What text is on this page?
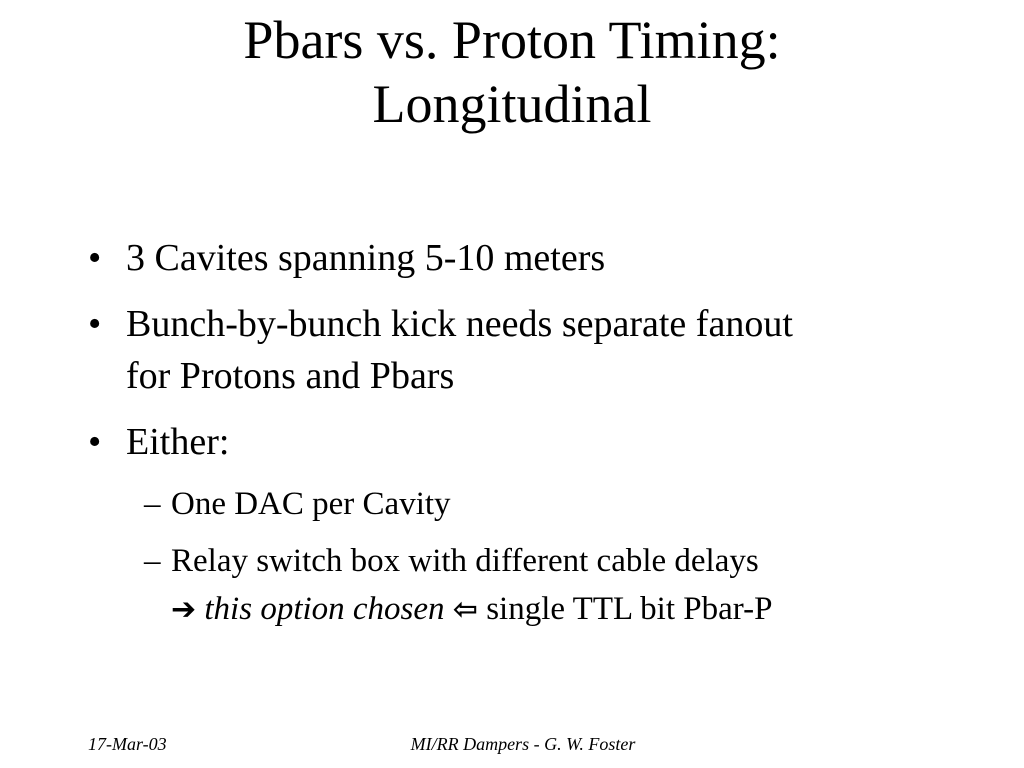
Pbars vs. Proton Timing:
Longitudinal
• 3 Cavites spanning 5-10 meters
• Bunch-by-bunch kick needs separate fanout
for Protons and Pbars
• Either:
– One DAC per Cavity
– Relay switch box with different cable delays
➔ this option chosen ⇦ single TTL bit Pbar-P
17-Mar-03	MI/RR Dampers - G. W. Foster
